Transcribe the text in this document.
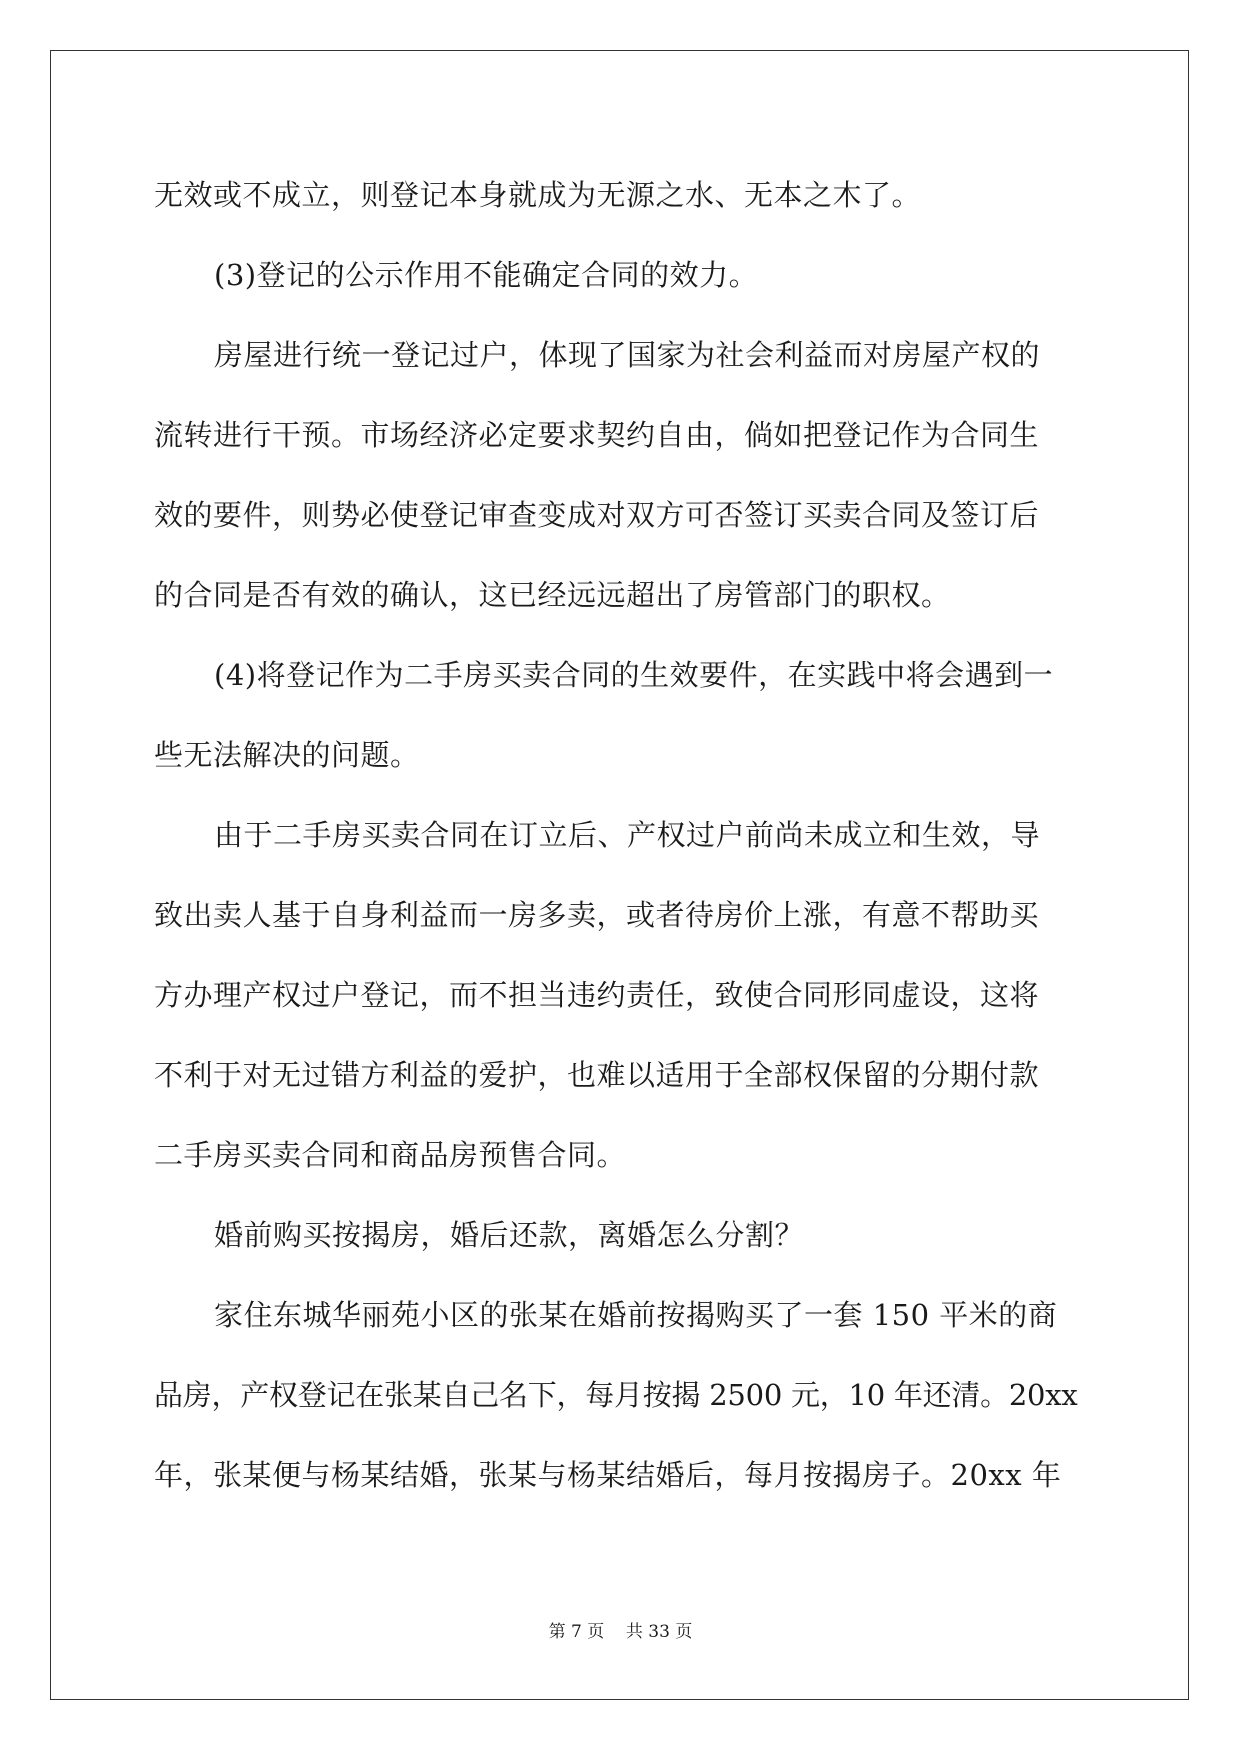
无效或不成立，则登记本身就成为无源之水、无本之木了。
(3)登记的公示作用不能确定合同的效力。
房屋进行统一登记过户，体现了国家为社会利益而对房屋产权的
流转进行干预。市场经济必定要求契约自由，倘如把登记作为合同生
效的要件，则势必使登记审查变成对双方可否签订买卖合同及签订后
的合同是否有效的确认，这已经远远超出了房管部门的职权。
(4)将登记作为二手房买卖合同的生效要件，在实践中将会遇到一
些无法解决的问题。
由于二手房买卖合同在订立后、产权过户前尚未成立和生效，导
致出卖人基于自身利益而一房多卖，或者待房价上涨，有意不帮助买
方办理产权过户登记，而不担当违约责任，致使合同形同虚设，这将
不利于对无过错方利益的爱护，也难以适用于全部权保留的分期付款
二手房买卖合同和商品房预售合同。
婚前购买按揭房，婚后还款，离婚怎么分割？
家住东城华丽苑小区的张某在婚前按揭购买了一套 150 平米的商
品房，产权登记在张某自己名下，每月按揭 2500 元，10 年还清。20xx
年，张某便与杨某结婚，张某与杨某结婚后，每月按揭房子。20xx 年
第 7 页    共 33 页
